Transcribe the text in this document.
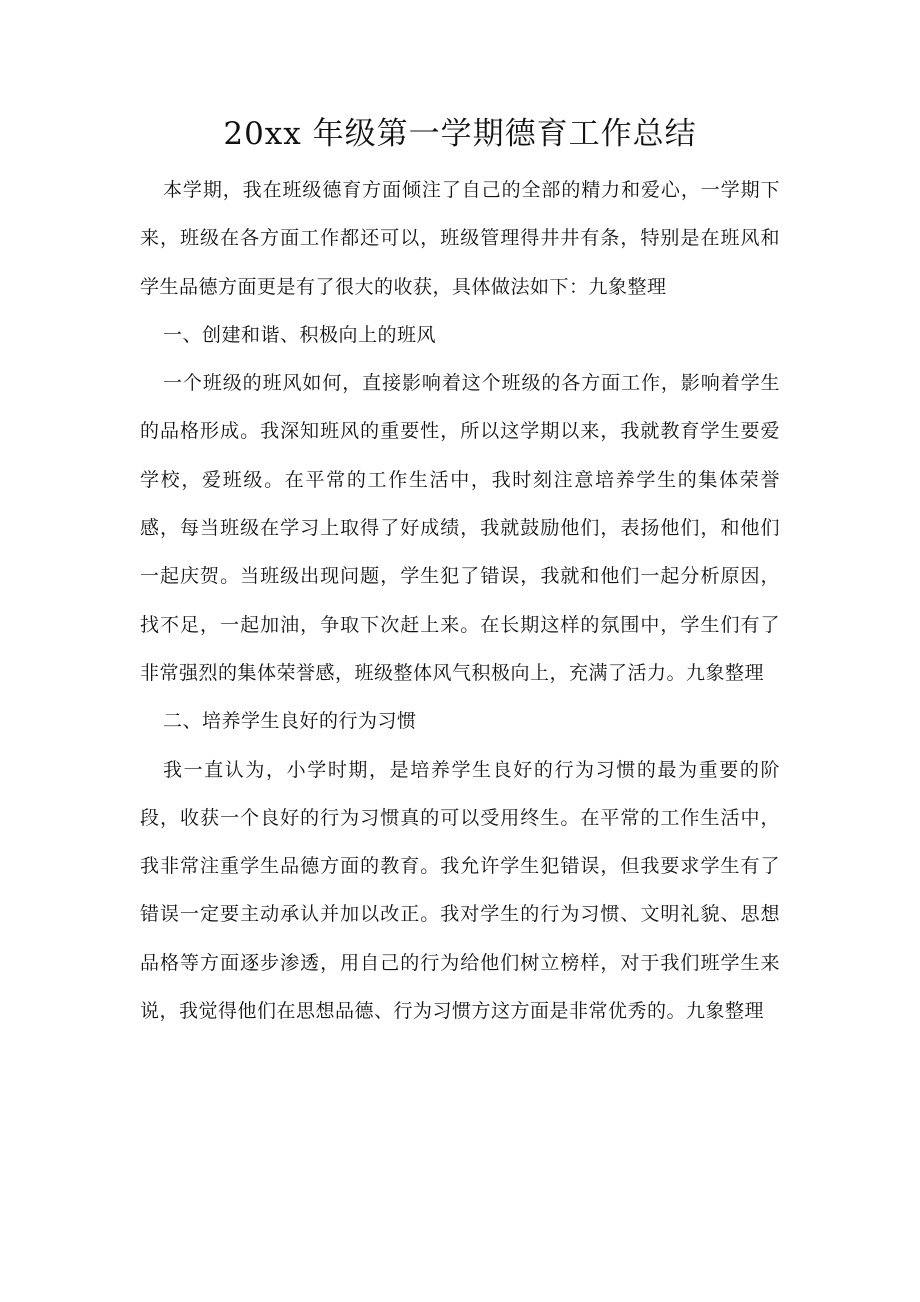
20xx 年级第一学期德育工作总结

本学期，我在班级德育方面倾注了自己的全部的精力和爱心，一学期下来，班级在各方面工作都还可以，班级管理得井井有条，特别是在班风和学生品德方面更是有了很大的收获，具体做法如下：九象整理

一、创建和谐、积极向上的班风

一个班级的班风如何，直接影响着这个班级的各方面工作，影响着学生的品格形成。我深知班风的重要性，所以这学期以来，我就教育学生要爱学校，爱班级。在平常的工作生活中，我时刻注意培养学生的集体荣誉感，每当班级在学习上取得了好成绩，我就鼓励他们，表扬他们，和他们一起庆贺。当班级出现问题，学生犯了错误，我就和他们一起分析原因，找不足，一起加油，争取下次赶上来。在长期这样的氛围中，学生们有了非常强烈的集体荣誉感，班级整体风气积极向上，充满了活力。九象整理

二、培养学生良好的行为习惯

我一直认为，小学时期，是培养学生良好的行为习惯的最为重要的阶段，收获一个良好的行为习惯真的可以受用终生。在平常的工作生活中，我非常注重学生品德方面的教育。我允许学生犯错误，但我要求学生有了错误一定要主动承认并加以改正。我对学生的行为习惯、文明礼貌、思想品格等方面逐步渗透，用自己的行为给他们树立榜样，对于我们班学生来说，我觉得他们在思想品德、行为习惯方这方面是非常优秀的。九象整理
